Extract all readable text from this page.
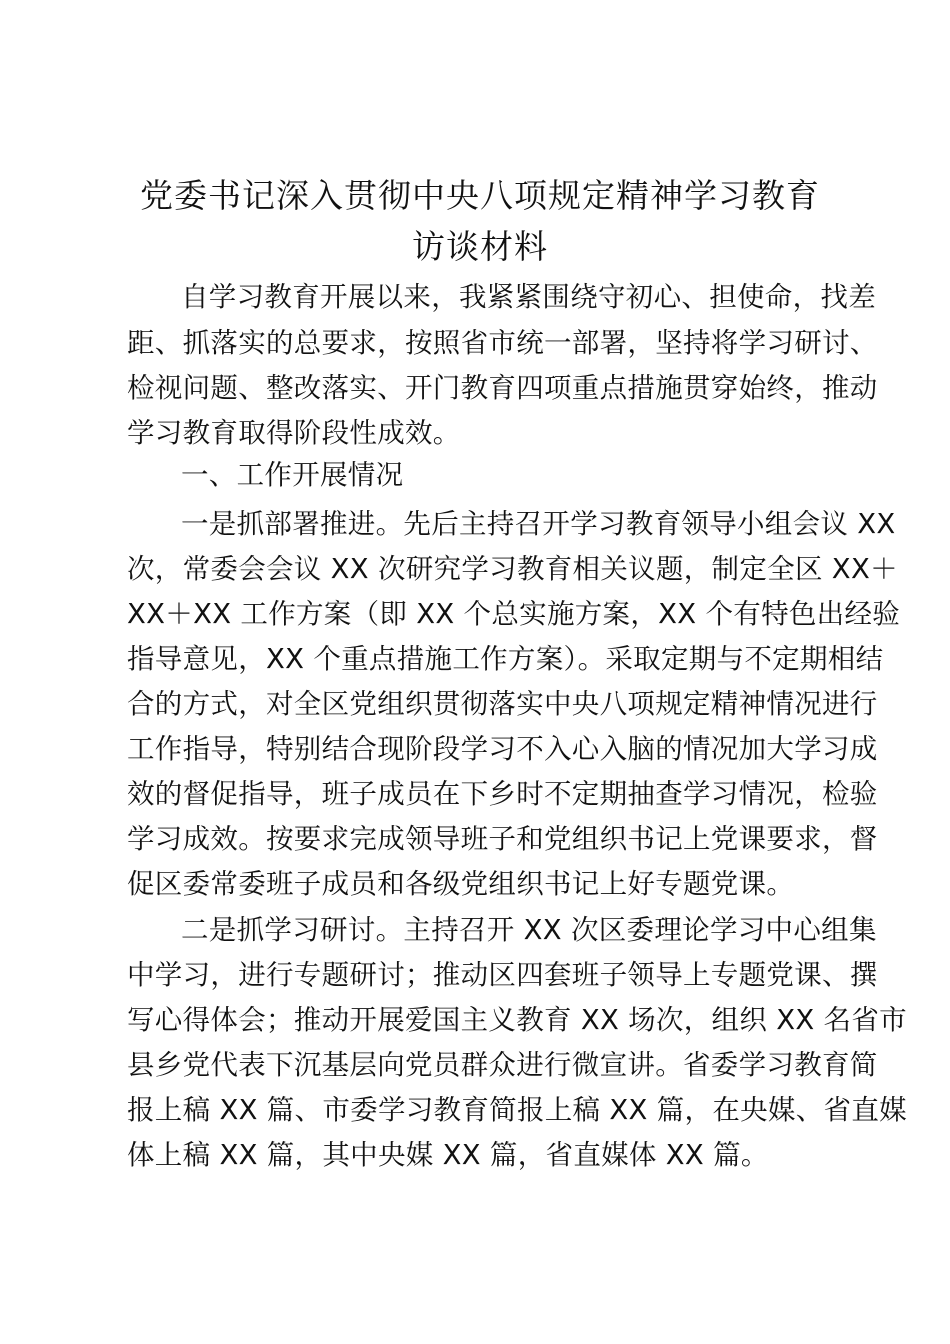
党委书记深入贯彻中央八项规定精神学习教育
访谈材料
自学习教育开展以来，我紧紧围绕守初心、担使命，找差
距、抓落实的总要求，按照省市统一部署，坚持将学习研讨、
检视问题、整改落实、开门教育四项重点措施贯穿始终，推动
学习教育取得阶段性成效。
一、工作开展情况
一是抓部署推进。先后主持召开学习教育领导小组会议 XX
次，常委会会议 XX 次研究学习教育相关议题，制定全区 XX＋
XX＋XX 工作方案（即 XX 个总实施方案，XX 个有特色出经验
指导意见，XX 个重点措施工作方案）。采取定期与不定期相结
合的方式，对全区党组织贯彻落实中央八项规定精神情况进行
工作指导，特别结合现阶段学习不入心入脑的情况加大学习成
效的督促指导，班子成员在下乡时不定期抽查学习情况，检验
学习成效。按要求完成领导班子和党组织书记上党课要求，督
促区委常委班子成员和各级党组织书记上好专题党课。
二是抓学习研讨。主持召开 XX 次区委理论学习中心组集
中学习，进行专题研讨；推动区四套班子领导上专题党课、撰
写心得体会；推动开展爱国主义教育 XX 场次，组织 XX 名省市
县乡党代表下沉基层向党员群众进行微宣讲。省委学习教育简
报上稿 XX 篇、市委学习教育简报上稿 XX 篇，在央媒、省直媒
体上稿 XX 篇，其中央媒 XX 篇，省直媒体 XX 篇。
